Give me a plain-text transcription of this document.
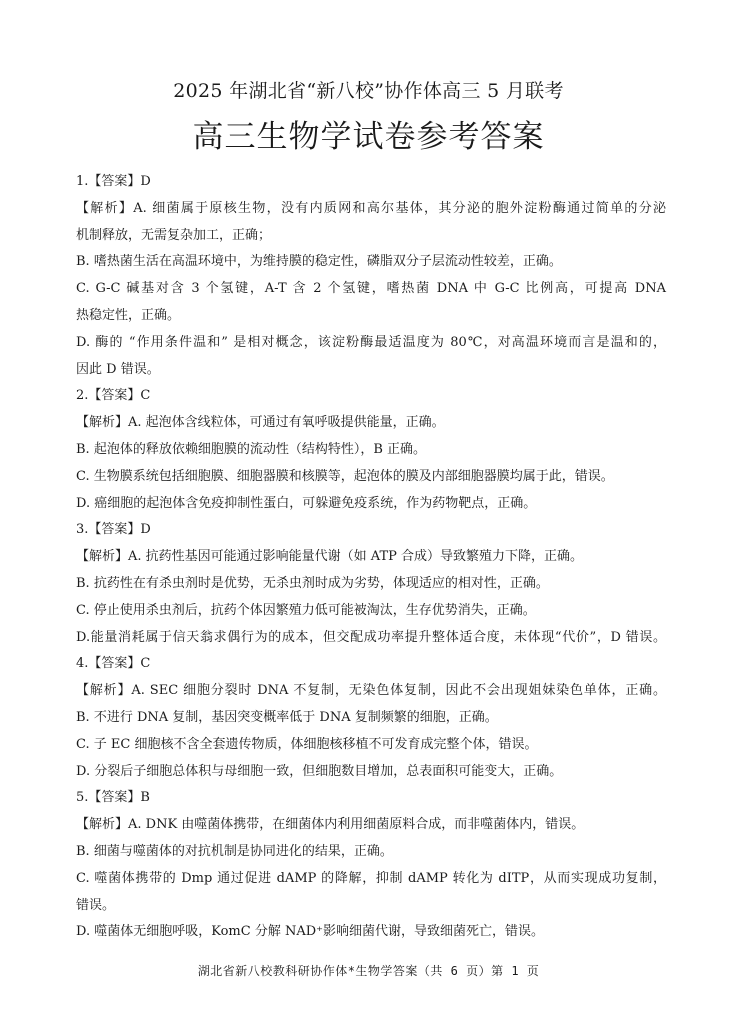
2025 年湖北省“新八校”协作体高三 5 月联考
高三生物学试卷参考答案
1.【答案】D
【解析】A. 细菌属于原核生物，没有内质网和高尔基体，其分泌的胞外淀粉酶通过简单的分泌
机制释放，无需复杂加工，正确；
B. 嗜热菌生活在高温环境中，为维持膜的稳定性，磷脂双分子层流动性较差，正确。
C. G-C 碱基对含 3 个氢键，A-T 含 2 个氢键，嗜热菌 DNA 中 G-C 比例高，可提高 DNA
热稳定性，正确。
D. 酶的 “作用条件温和” 是相对概念，该淀粉酶最适温度为 80℃，对高温环境而言是温和的，
因此 D 错误。
2.【答案】C
【解析】A. 起泡体含线粒体，可通过有氧呼吸提供能量，正确。
B. 起泡体的释放依赖细胞膜的流动性（结构特性），B 正确。
C. 生物膜系统包括细胞膜、细胞器膜和核膜等，起泡体的膜及内部细胞器膜均属于此，错误。
D. 癌细胞的起泡体含免疫抑制性蛋白，可躲避免疫系统，作为药物靶点，正确。
3.【答案】D
【解析】A. 抗药性基因可能通过影响能量代谢（如 ATP 合成）导致繁殖力下降，正确。
B. 抗药性在有杀虫剂时是优势，无杀虫剂时成为劣势，体现适应的相对性，正确。
C. 停止使用杀虫剂后，抗药个体因繁殖力低可能被淘汰，生存优势消失，正确。
D.能量消耗属于信天翁求偶行为的成本，但交配成功率提升整体适合度，未体现“代价”，D 错误。
4.【答案】C
【解析】A. SEC 细胞分裂时 DNA 不复制，无染色体复制，因此不会出现姐妹染色单体，正确。
B. 不进行 DNA 复制，基因突变概率低于 DNA 复制频繁的细胞，正确。
C. 子 EC 细胞核不含全套遗传物质，体细胞核移植不可发育成完整个体，错误。
D. 分裂后子细胞总体积与母细胞一致，但细胞数目增加，总表面积可能变大，正确。
5.【答案】B
【解析】A. DNK 由噬菌体携带，在细菌体内利用细菌原料合成，而非噬菌体内，错误。
B. 细菌与噬菌体的对抗机制是协同进化的结果，正确。
C. 噬菌体携带的 Dmp 通过促进 dAMP 的降解，抑制 dAMP 转化为 dITP，从而实现成功复制，
错误。
D. 噬菌体无细胞呼吸，KomC 分解 NAD⁺影响细菌代谢，导致细菌死亡，错误。
湖北省新八校教科研协作体*生物学答案（共 6 页）第 1 页
